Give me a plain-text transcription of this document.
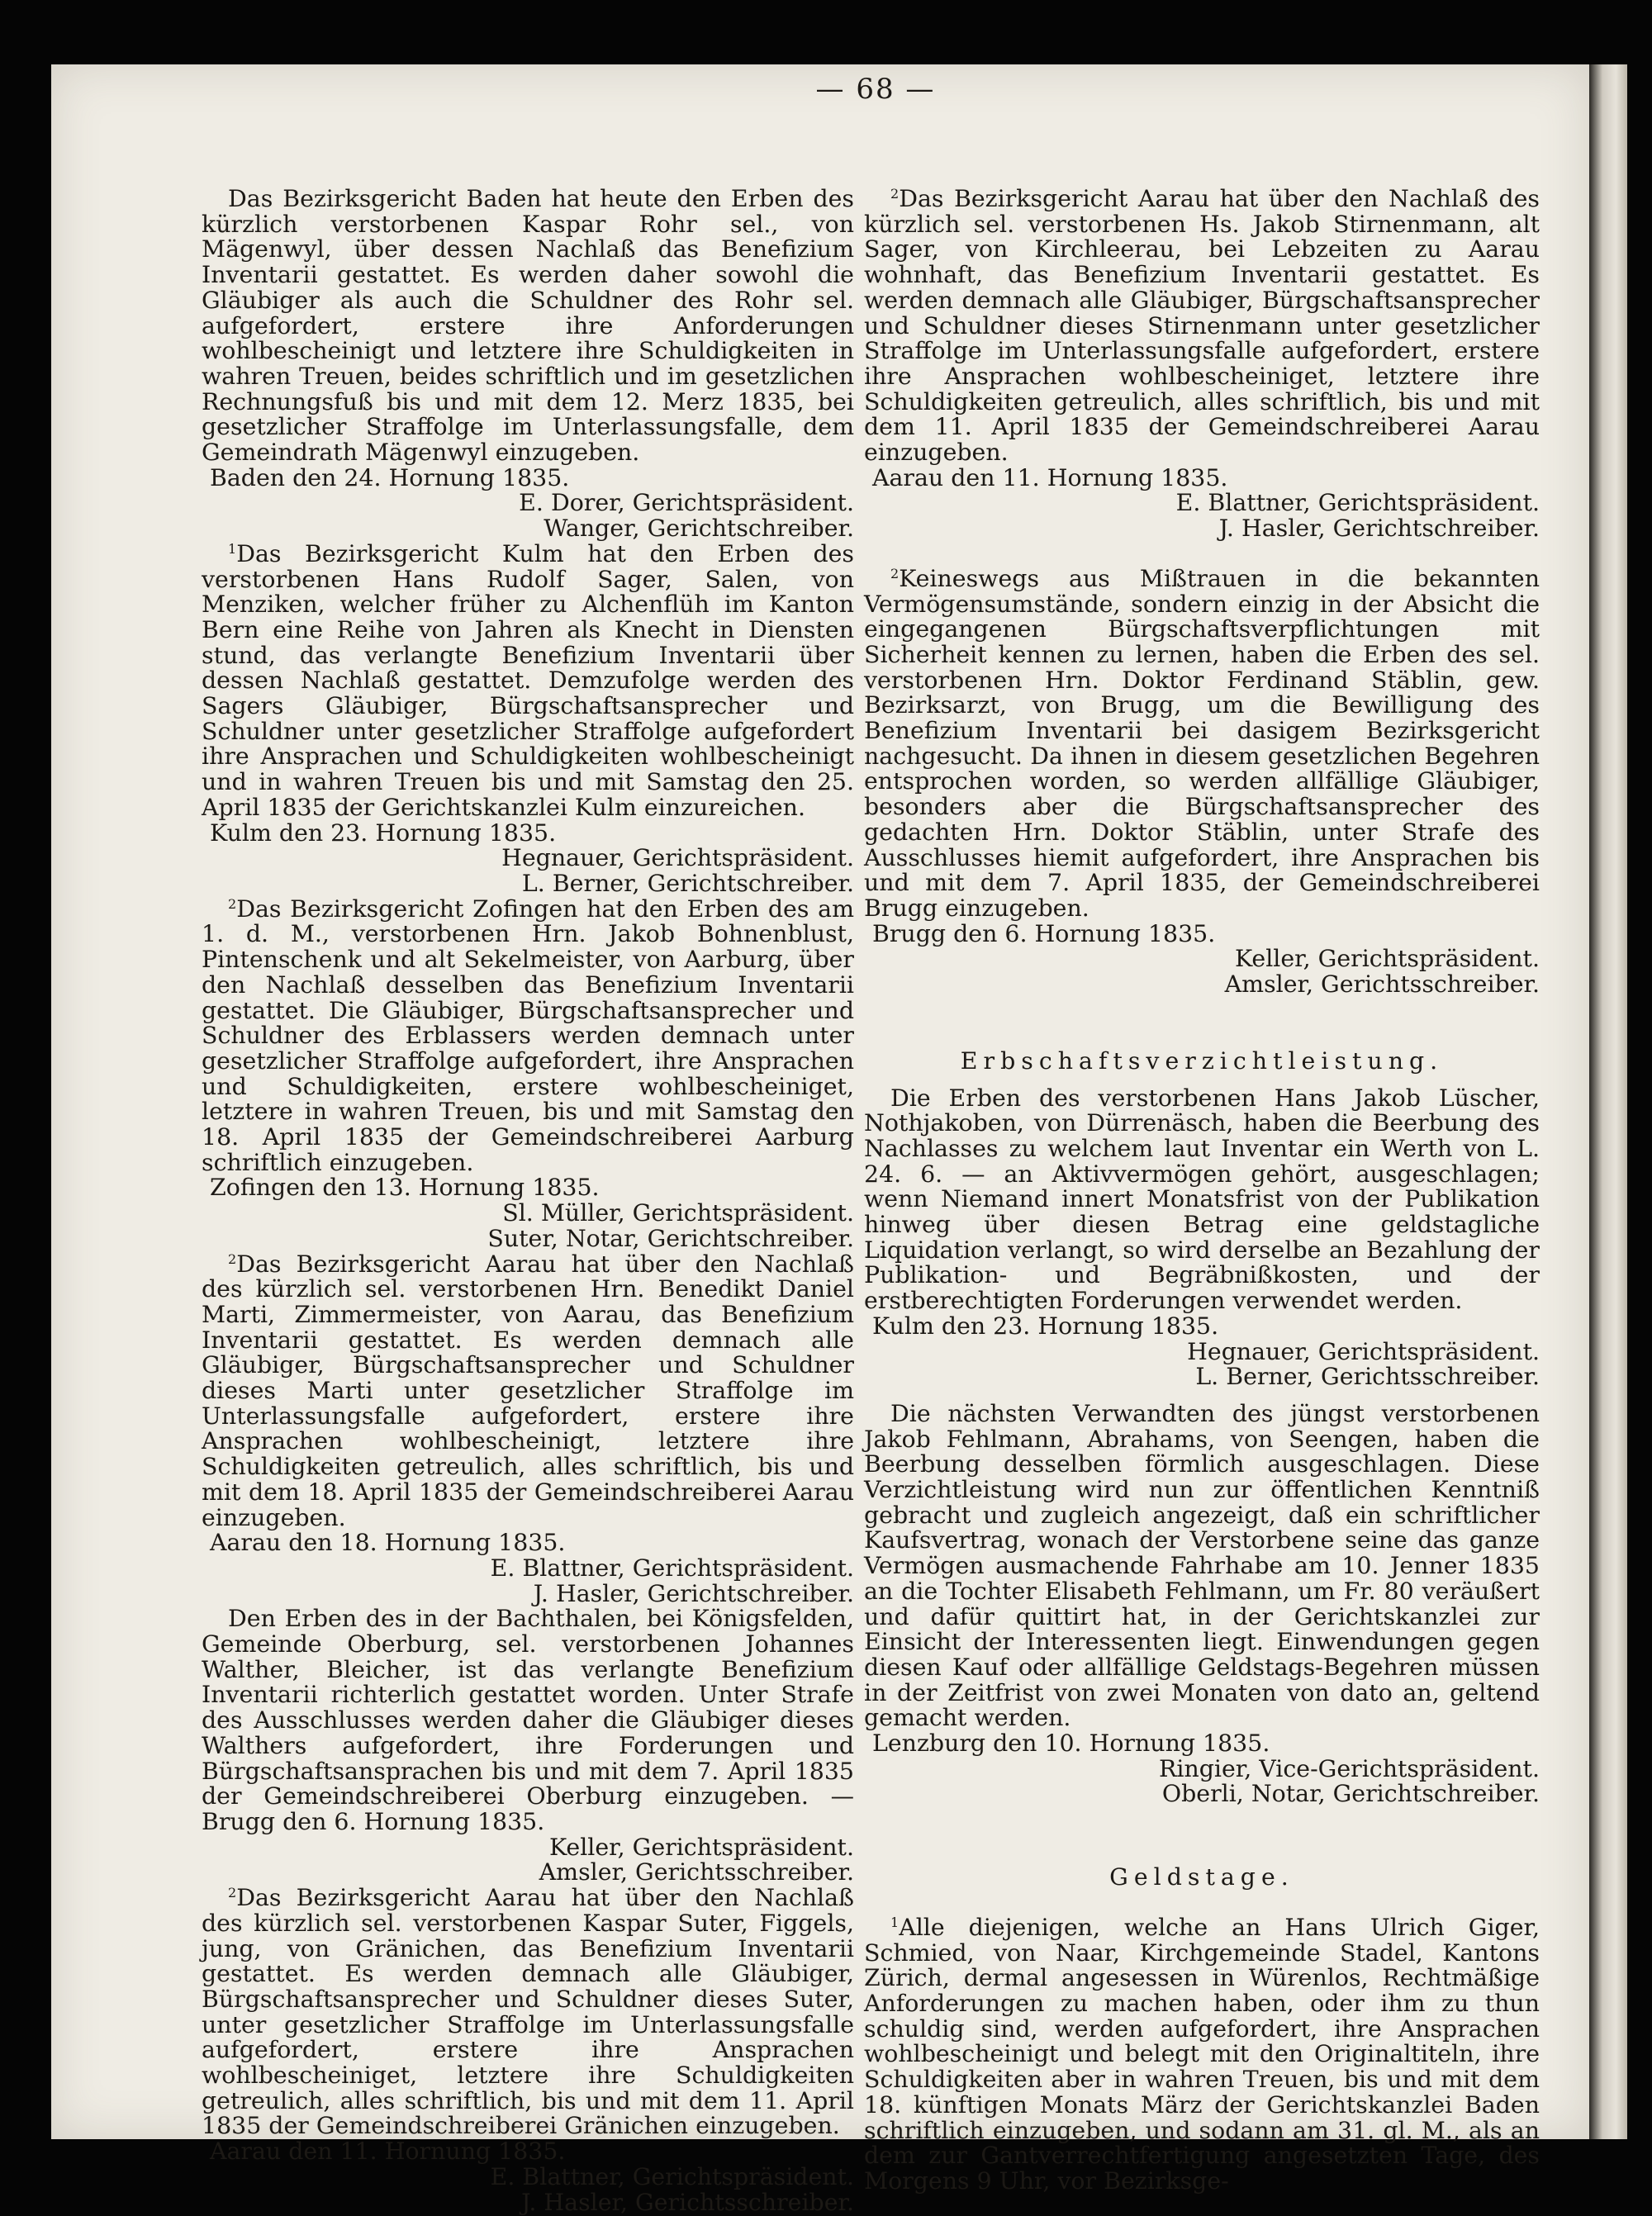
— 68 —

Das Bezirksgericht Baden hat heute den Erben des kürzlich verstorbenen Kaspar Rohr sel., von Mägenwyl, über dessen Nachlaß das Benefizium Inventarii gestattet. Es werden daher sowohl die Gläubiger als auch die Schuldner des Rohr sel. aufgefordert, erstere ihre Anforderungen wohlbescheinigt und letztere ihre Schuldigkeiten in wahren Treuen, beides schriftlich und im gesetzlichen Rechnungsfuß bis und mit dem 12. Merz 1835, bei gesetzlicher Straffolge im Unterlassungsfalle, dem Gemeindrath Mägenwyl einzugeben.

Baden den 24. Hornung 1835.

E. Dorer, Gerichtspräsident.

Wanger, Gerichtschreiber.

$^1$Das Bezirksgericht Kulm hat den Erben des verstorbenen Hans Rudolf Sager, Salen, von Menziken, welcher früher zu Alchenflüh im Kanton Bern eine Reihe von Jahren als Knecht in Diensten stund, das verlangte Benefizium Inventarii über dessen Nachlaß gestattet. Demzufolge werden des Sagers Gläubiger, Bürgschaftsansprecher und Schuldner unter gesetzlicher Straffolge aufgefordert ihre Ansprachen und Schuldigkeiten wohlbescheinigt und in wahren Treuen bis und mit Samstag den 25. April 1835 der Gerichtskanzlei Kulm einzureichen.

Kulm den 23. Hornung 1835.

Hegnauer, Gerichtspräsident.

L. Berner, Gerichtschreiber.

$^2$Das Bezirksgericht Zofingen hat den Erben des am 1. d. M., verstorbenen Hrn. Jakob Bohnenblust, Pintenschenk und alt Sekelmeister, von Aarburg, über den Nachlaß desselben das Benefizium Inventarii gestattet. Die Gläubiger, Bürgschaftsansprecher und Schuldner des Erblassers werden demnach unter gesetzlicher Straffolge aufgefordert, ihre Ansprachen und Schuldigkeiten, erstere wohlbescheiniget, letztere in wahren Treuen, bis und mit Samstag den 18. April 1835 der Gemeindschreiberei Aarburg schriftlich einzugeben.

Zofingen den 13. Hornung 1835.

Sl. Müller, Gerichtspräsident.

Suter, Notar, Gerichtschreiber.

$^2$Das Bezirksgericht Aarau hat über den Nachlaß des kürzlich sel. verstorbenen Hrn. Benedikt Daniel Marti, Zimmermeister, von Aarau, das Benefizium Inventarii gestattet. Es werden demnach alle Gläubiger, Bürgschaftsansprecher und Schuldner dieses Marti unter gesetzlicher Straffolge im Unterlassungsfalle aufgefordert, erstere ihre Ansprachen wohlbescheinigt, letztere ihre Schuldigkeiten getreulich, alles schriftlich, bis und mit dem 18. April 1835 der Gemeindschreiberei Aarau einzugeben.

Aarau den 18. Hornung 1835.

E. Blattner, Gerichtspräsident.

J. Hasler, Gerichtschreiber.

Den Erben des in der Bachthalen, bei Königsfelden, Gemeinde Oberburg, sel. verstorbenen Johannes Walther, Bleicher, ist das verlangte Benefizium Inventarii richterlich gestattet worden. Unter Strafe des Ausschlusses werden daher die Gläubiger dieses Walthers aufgefordert, ihre Forderungen und Bürgschaftsansprachen bis und mit dem 7. April 1835 der Gemeindschreiberei Oberburg einzugeben. — Brugg den 6. Hornung 1835.

Keller, Gerichtspräsident.

Amsler, Gerichtsschreiber.

$^2$Das Bezirksgericht Aarau hat über den Nachlaß des kürzlich sel. verstorbenen Kaspar Suter, Figgels, jung, von Gränichen, das Benefizium Inventarii gestattet. Es werden demnach alle Gläubiger, Bürgschaftsansprecher und Schuldner dieses Suter, unter gesetzlicher Straffolge im Unterlassungsfalle aufgefordert, erstere ihre Ansprachen wohlbescheiniget, letztere ihre Schuldigkeiten getreulich, alles schriftlich, bis und mit dem 11. April 1835 der Gemeindschreiberei Gränichen einzugeben.

Aarau den 11. Hornung 1835.

E. Blattner, Gerichtspräsident.

J. Hasler, Gerichtsschreiber.

$^2$Das Bezirksgericht Aarau hat über den Nachlaß des kürzlich sel. verstorbenen Hs. Jakob Stirnenmann, alt Sager, von Kirchleerau, bei Lebzeiten zu Aarau wohnhaft, das Benefizium Inventarii gestattet. Es werden demnach alle Gläubiger, Bürgschaftsansprecher und Schuldner dieses Stirnenmann unter gesetzlicher Straffolge im Unterlassungsfalle aufgefordert, erstere ihre Ansprachen wohlbescheiniget, letztere ihre Schuldigkeiten getreulich, alles schriftlich, bis und mit dem 11. April 1835 der Gemeindschreiberei Aarau einzugeben.

Aarau den 11. Hornung 1835.

E. Blattner, Gerichtspräsident.

J. Hasler, Gerichtschreiber.

$^2$Keineswegs aus Mißtrauen in die bekannten Vermögensumstände, sondern einzig in der Absicht die eingegangenen Bürgschaftsverpflichtungen mit Sicherheit kennen zu lernen, haben die Erben des sel. verstorbenen Hrn. Doktor Ferdinand Stäblin, gew. Bezirksarzt, von Brugg, um die Bewilligung des Benefizium Inventarii bei dasigem Bezirksgericht nachgesucht. Da ihnen in diesem gesetzlichen Begehren entsprochen worden, so werden allfällige Gläubiger, besonders aber die Bürgschaftsansprecher des gedachten Hrn. Doktor Stäblin, unter Strafe des Ausschlusses hiemit aufgefordert, ihre Ansprachen bis und mit dem 7. April 1835, der Gemeindschreiberei Brugg einzugeben.

Brugg den 6. Hornung 1835.

Keller, Gerichtspräsident.

Amsler, Gerichtsschreiber.

Erbschaftsverzichtleistung.

Die Erben des verstorbenen Hans Jakob Lüscher, Nothjakoben, von Dürrenäsch, haben die Beerbung des Nachlasses zu welchem laut Inventar ein Werth von L. 24. 6. — an Aktivvermögen gehört, ausgeschlagen; wenn Niemand innert Monatsfrist von der Publikation hinweg über diesen Betrag eine geldstagliche Liquidation verlangt, so wird derselbe an Bezahlung der Publikation- und Begräbnißkosten, und der erstberechtigten Forderungen verwendet werden.

Kulm den 23. Hornung 1835.

Hegnauer, Gerichtspräsident.

L. Berner, Gerichtsschreiber.

Die nächsten Verwandten des jüngst verstorbenen Jakob Fehlmann, Abrahams, von Seengen, haben die Beerbung desselben förmlich ausgeschlagen. Diese Verzichtleistung wird nun zur öffentlichen Kenntniß gebracht und zugleich angezeigt, daß ein schriftlicher Kaufsvertrag, wonach der Verstorbene seine das ganze Vermögen ausmachende Fahrhabe am 10. Jenner 1835 an die Tochter Elisabeth Fehlmann, um Fr. 80 veräußert und dafür quittirt hat, in der Gerichtskanzlei zur Einsicht der Interessenten liegt. Einwendungen gegen diesen Kauf oder allfällige Geldstags-Begehren müssen in der Zeitfrist von zwei Monaten von dato an, geltend gemacht werden.

Lenzburg den 10. Hornung 1835.

Ringier, Vice-Gerichtspräsident.

Oberli, Notar, Gerichtschreiber.

Geldstage.

$^1$Alle diejenigen, welche an Hans Ulrich Giger, Schmied, von Naar, Kirchgemeinde Stadel, Kantons Zürich, dermal angesessen in Würenlos, Rechtmäßige Anforderungen zu machen haben, oder ihm zu thun schuldig sind, werden aufgefordert, ihre Ansprachen wohlbescheinigt und belegt mit den Originaltiteln, ihre Schuldigkeiten aber in wahren Treuen, bis und mit dem 18. künftigen Monats März der Gerichtskanzlei Baden schriftlich einzugeben, und sodann am 31. gl. M., als an dem zur Gantverrechtfertigung angesetzten Tage, des Morgens 9 Uhr, vor Bezirksge-
